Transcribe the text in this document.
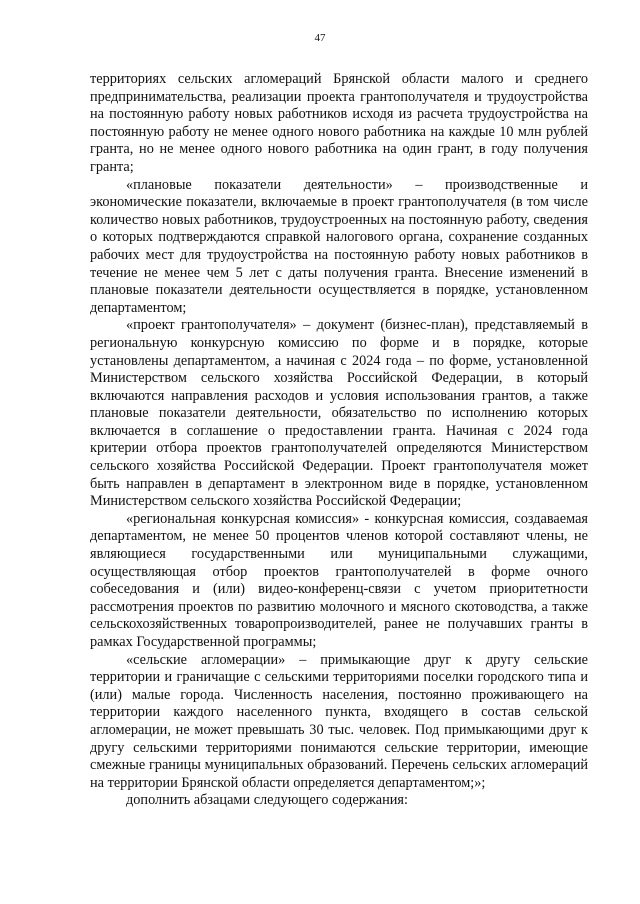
47

территориях сельских агломераций Брянской области малого и среднего предпринимательства, реализации проекта грантополучателя и трудоустройства на постоянную работу новых работников исходя из расчета трудоустройства на постоянную работу не менее одного нового работника на каждые 10 млн рублей гранта, но не менее одного нового работника на один грант, в году получения гранта;

«плановые показатели деятельности» – производственные и экономические показатели, включаемые в проект грантополучателя (в том числе количество новых работников, трудоустроенных на постоянную работу, сведения о которых подтверждаются справкой налогового органа, сохранение созданных рабочих мест для трудоустройства на постоянную работу новых работников в течение не менее чем 5 лет с даты получения гранта. Внесение изменений в плановые показатели деятельности осуществляется в порядке, установленном департаментом;

«проект грантополучателя» – документ (бизнес-план), представляемый в региональную конкурсную комиссию по форме и в порядке, которые установлены департаментом, а начиная с 2024 года – по форме, установленной Министерством сельского хозяйства Российской Федерации, в который включаются направления расходов и условия использования грантов, а также плановые показатели деятельности, обязательство по исполнению которых включается в соглашение о предоставлении гранта. Начиная с 2024 года критерии отбора проектов грантополучателей определяются Министерством сельского хозяйства Российской Федерации. Проект грантополучателя может быть направлен в департамент в электронном виде в порядке, установленном Министерством сельского хозяйства Российской Федерации;

«региональная конкурсная комиссия» - конкурсная комиссия, создаваемая департаментом, не менее 50 процентов членов которой составляют члены, не являющиеся государственными или муниципальными служащими, осуществляющая отбор проектов грантополучателей в форме очного собеседования и (или) видео-конференц-связи с учетом приоритетности рассмотрения проектов по развитию молочного и мясного скотоводства, а также сельскохозяйственных товаропроизводителей, ранее не получавших гранты в рамках Государственной программы;

«сельские агломерации» – примыкающие друг к другу сельские территории и граничащие с сельскими территориями поселки городского типа и (или) малые города. Численность населения, постоянно проживающего на территории каждого населенного пункта, входящего в состав сельской агломерации, не может превышать 30 тыс. человек. Под примыкающими друг к другу сельскими территориями понимаются сельские территории, имеющие смежные границы муниципальных образований. Перечень сельских агломераций на территории Брянской области определяется департаментом;»;

дополнить абзацами следующего содержания:
